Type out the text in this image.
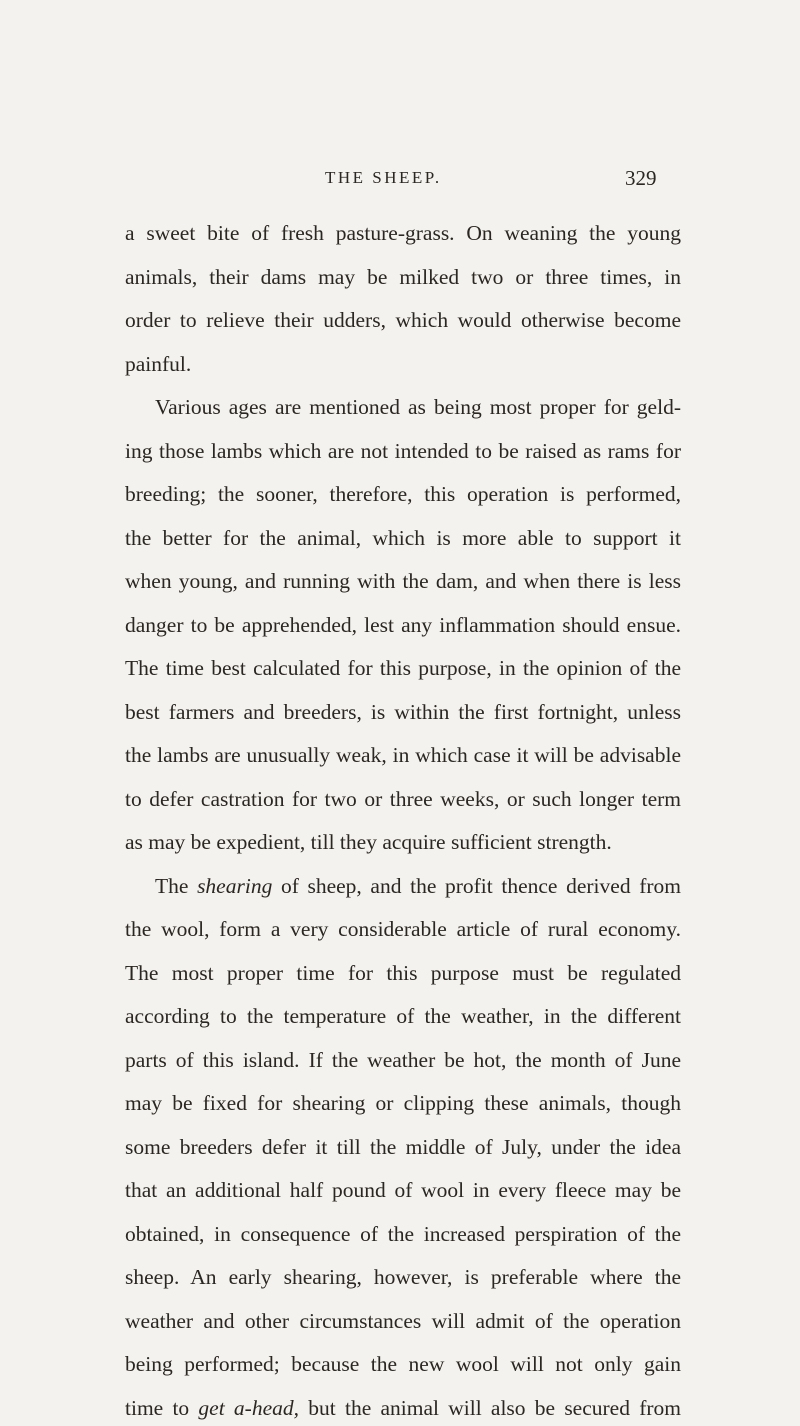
THE SHEEP.	329
a sweet bite of fresh pasture-grass. On weaning the young
animals, their dams may be milked two or three times, in
order to relieve their udders, which would otherwise become
painful.
Various ages are mentioned as being most proper for geld-
ing those lambs which are not intended to be raised as rams for
breeding; the sooner, therefore, this operation is performed,
the better for the animal, which is more able to support it
when young, and running with the dam, and when there is less
danger to be apprehended, lest any inflammation should ensue.
The time best calculated for this purpose, in the opinion of the
best farmers and breeders, is within the first fortnight, unless
the lambs are unusually weak, in which case it will be advisable
to defer castration for two or three weeks, or such longer term
as may be expedient, till they acquire sufficient strength.
The shearing of sheep, and the profit thence derived from
the wool, form a very considerable article of rural economy.
The most proper time for this purpose must be regulated
according to the temperature of the weather, in the different
parts of this island. If the weather be hot, the month of June
may be fixed for shearing or clipping these animals, though
some breeders defer it till the middle of July, under the idea
that an additional half pound of wool in every fleece may be
obtained, in consequence of the increased perspiration of the
sheep. An early shearing, however, is preferable where the
weather and other circumstances will admit of the operation
being performed; because the new wool will not only gain
time to get a-head, but the animal will also be secured from
